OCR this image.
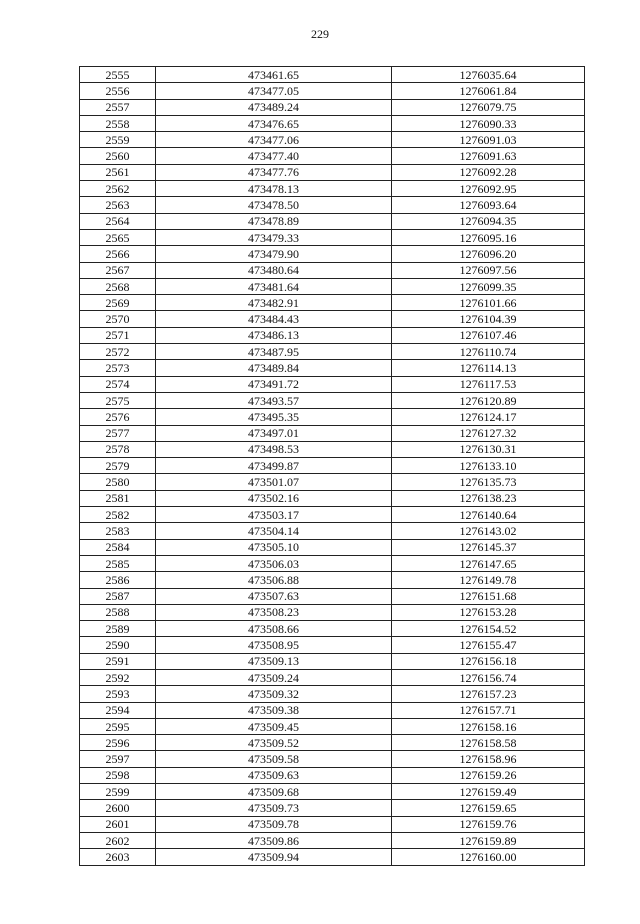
229
2555	473461.65	1276035.64
2556	473477.05	1276061.84
2557	473489.24	1276079.75
2558	473476.65	1276090.33
2559	473477.06	1276091.03
2560	473477.40	1276091.63
2561	473477.76	1276092.28
2562	473478.13	1276092.95
2563	473478.50	1276093.64
2564	473478.89	1276094.35
2565	473479.33	1276095.16
2566	473479.90	1276096.20
2567	473480.64	1276097.56
2568	473481.64	1276099.35
2569	473482.91	1276101.66
2570	473484.43	1276104.39
2571	473486.13	1276107.46
2572	473487.95	1276110.74
2573	473489.84	1276114.13
2574	473491.72	1276117.53
2575	473493.57	1276120.89
2576	473495.35	1276124.17
2577	473497.01	1276127.32
2578	473498.53	1276130.31
2579	473499.87	1276133.10
2580	473501.07	1276135.73
2581	473502.16	1276138.23
2582	473503.17	1276140.64
2583	473504.14	1276143.02
2584	473505.10	1276145.37
2585	473506.03	1276147.65
2586	473506.88	1276149.78
2587	473507.63	1276151.68
2588	473508.23	1276153.28
2589	473508.66	1276154.52
2590	473508.95	1276155.47
2591	473509.13	1276156.18
2592	473509.24	1276156.74
2593	473509.32	1276157.23
2594	473509.38	1276157.71
2595	473509.45	1276158.16
2596	473509.52	1276158.58
2597	473509.58	1276158.96
2598	473509.63	1276159.26
2599	473509.68	1276159.49
2600	473509.73	1276159.65
2601	473509.78	1276159.76
2602	473509.86	1276159.89
2603	473509.94	1276160.00
